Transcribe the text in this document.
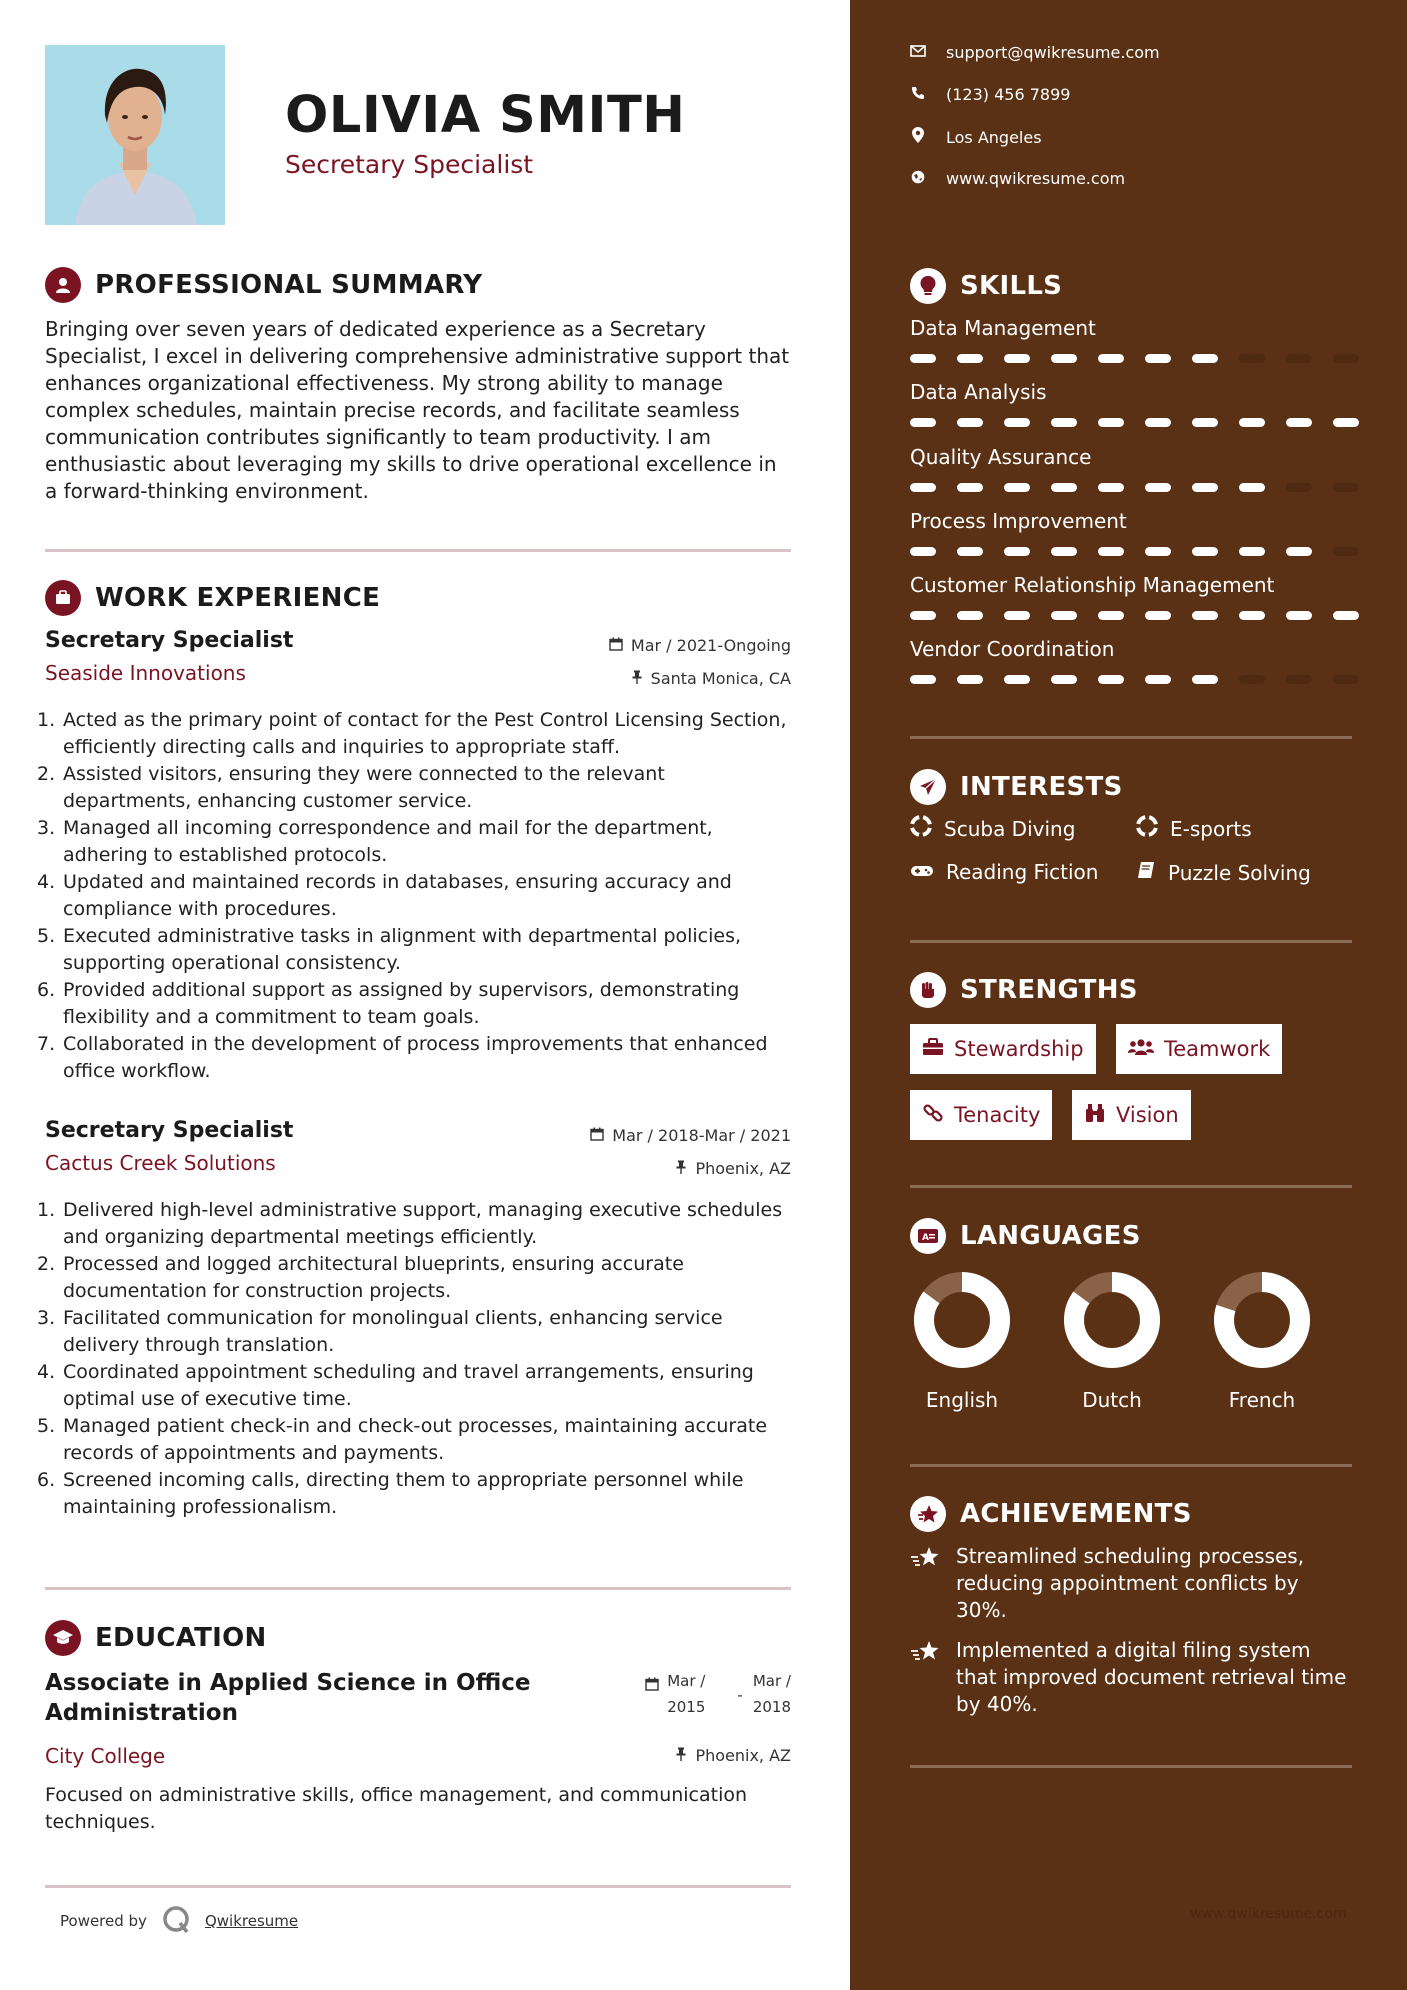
OLIVIA SMITH
Secretary Specialist
PROFESSIONAL SUMMARY
Bringing over seven years of dedicated experience as a Secretary Specialist, I excel in delivering comprehensive administrative support that enhances organizational effectiveness. My strong ability to manage complex schedules, maintain precise records, and facilitate seamless communication contributes significantly to team productivity. I am enthusiastic about leveraging my skills to drive operational excellence in a forward-thinking environment.
WORK EXPERIENCE
Secretary Specialist
Seaside Innovations
Mar / 2021-Ongoing
Santa Monica, CA
1. Acted as the primary point of contact for the Pest Control Licensing Section, efficiently directing calls and inquiries to appropriate staff.
2. Assisted visitors, ensuring they were connected to the relevant departments, enhancing customer service.
3. Managed all incoming correspondence and mail for the department, adhering to established protocols.
4. Updated and maintained records in databases, ensuring accuracy and compliance with procedures.
5. Executed administrative tasks in alignment with departmental policies, supporting operational consistency.
6. Provided additional support as assigned by supervisors, demonstrating flexibility and a commitment to team goals.
7. Collaborated in the development of process improvements that enhanced office workflow.
Secretary Specialist
Cactus Creek Solutions
Mar / 2018-Mar / 2021
Phoenix, AZ
1. Delivered high-level administrative support, managing executive schedules and organizing departmental meetings efficiently.
2. Processed and logged architectural blueprints, ensuring accurate documentation for construction projects.
3. Facilitated communication for monolingual clients, enhancing service delivery through translation.
4. Coordinated appointment scheduling and travel arrangements, ensuring optimal use of executive time.
5. Managed patient check-in and check-out processes, maintaining accurate records of appointments and payments.
6. Screened incoming calls, directing them to appropriate personnel while maintaining professionalism.
EDUCATION
Associate in Applied Science in Office Administration
City College
Mar /
2015
-
Mar /
2018
Phoenix, AZ
Focused on administrative skills, office management, and communication techniques.
Powered by	Qwikresume
support@qwikresume.com
(123) 456 7899
Los Angeles
www.qwikresume.com
SKILLS
Data Management
Data Analysis
Quality Assurance
Process Improvement
Customer Relationship Management
Vendor Coordination
INTERESTS
Scuba Diving	E-sports
Reading Fiction	Puzzle Solving
STRENGTHS
Stewardship	Teamwork
Tenacity	Vision
A LANGUAGES
English	Dutch	French
ACHIEVEMENTS
Streamlined scheduling processes, reducing appointment conflicts by 30%.
Implemented a digital filing system that improved document retrieval time by 40%.
www.qwikresume.com
